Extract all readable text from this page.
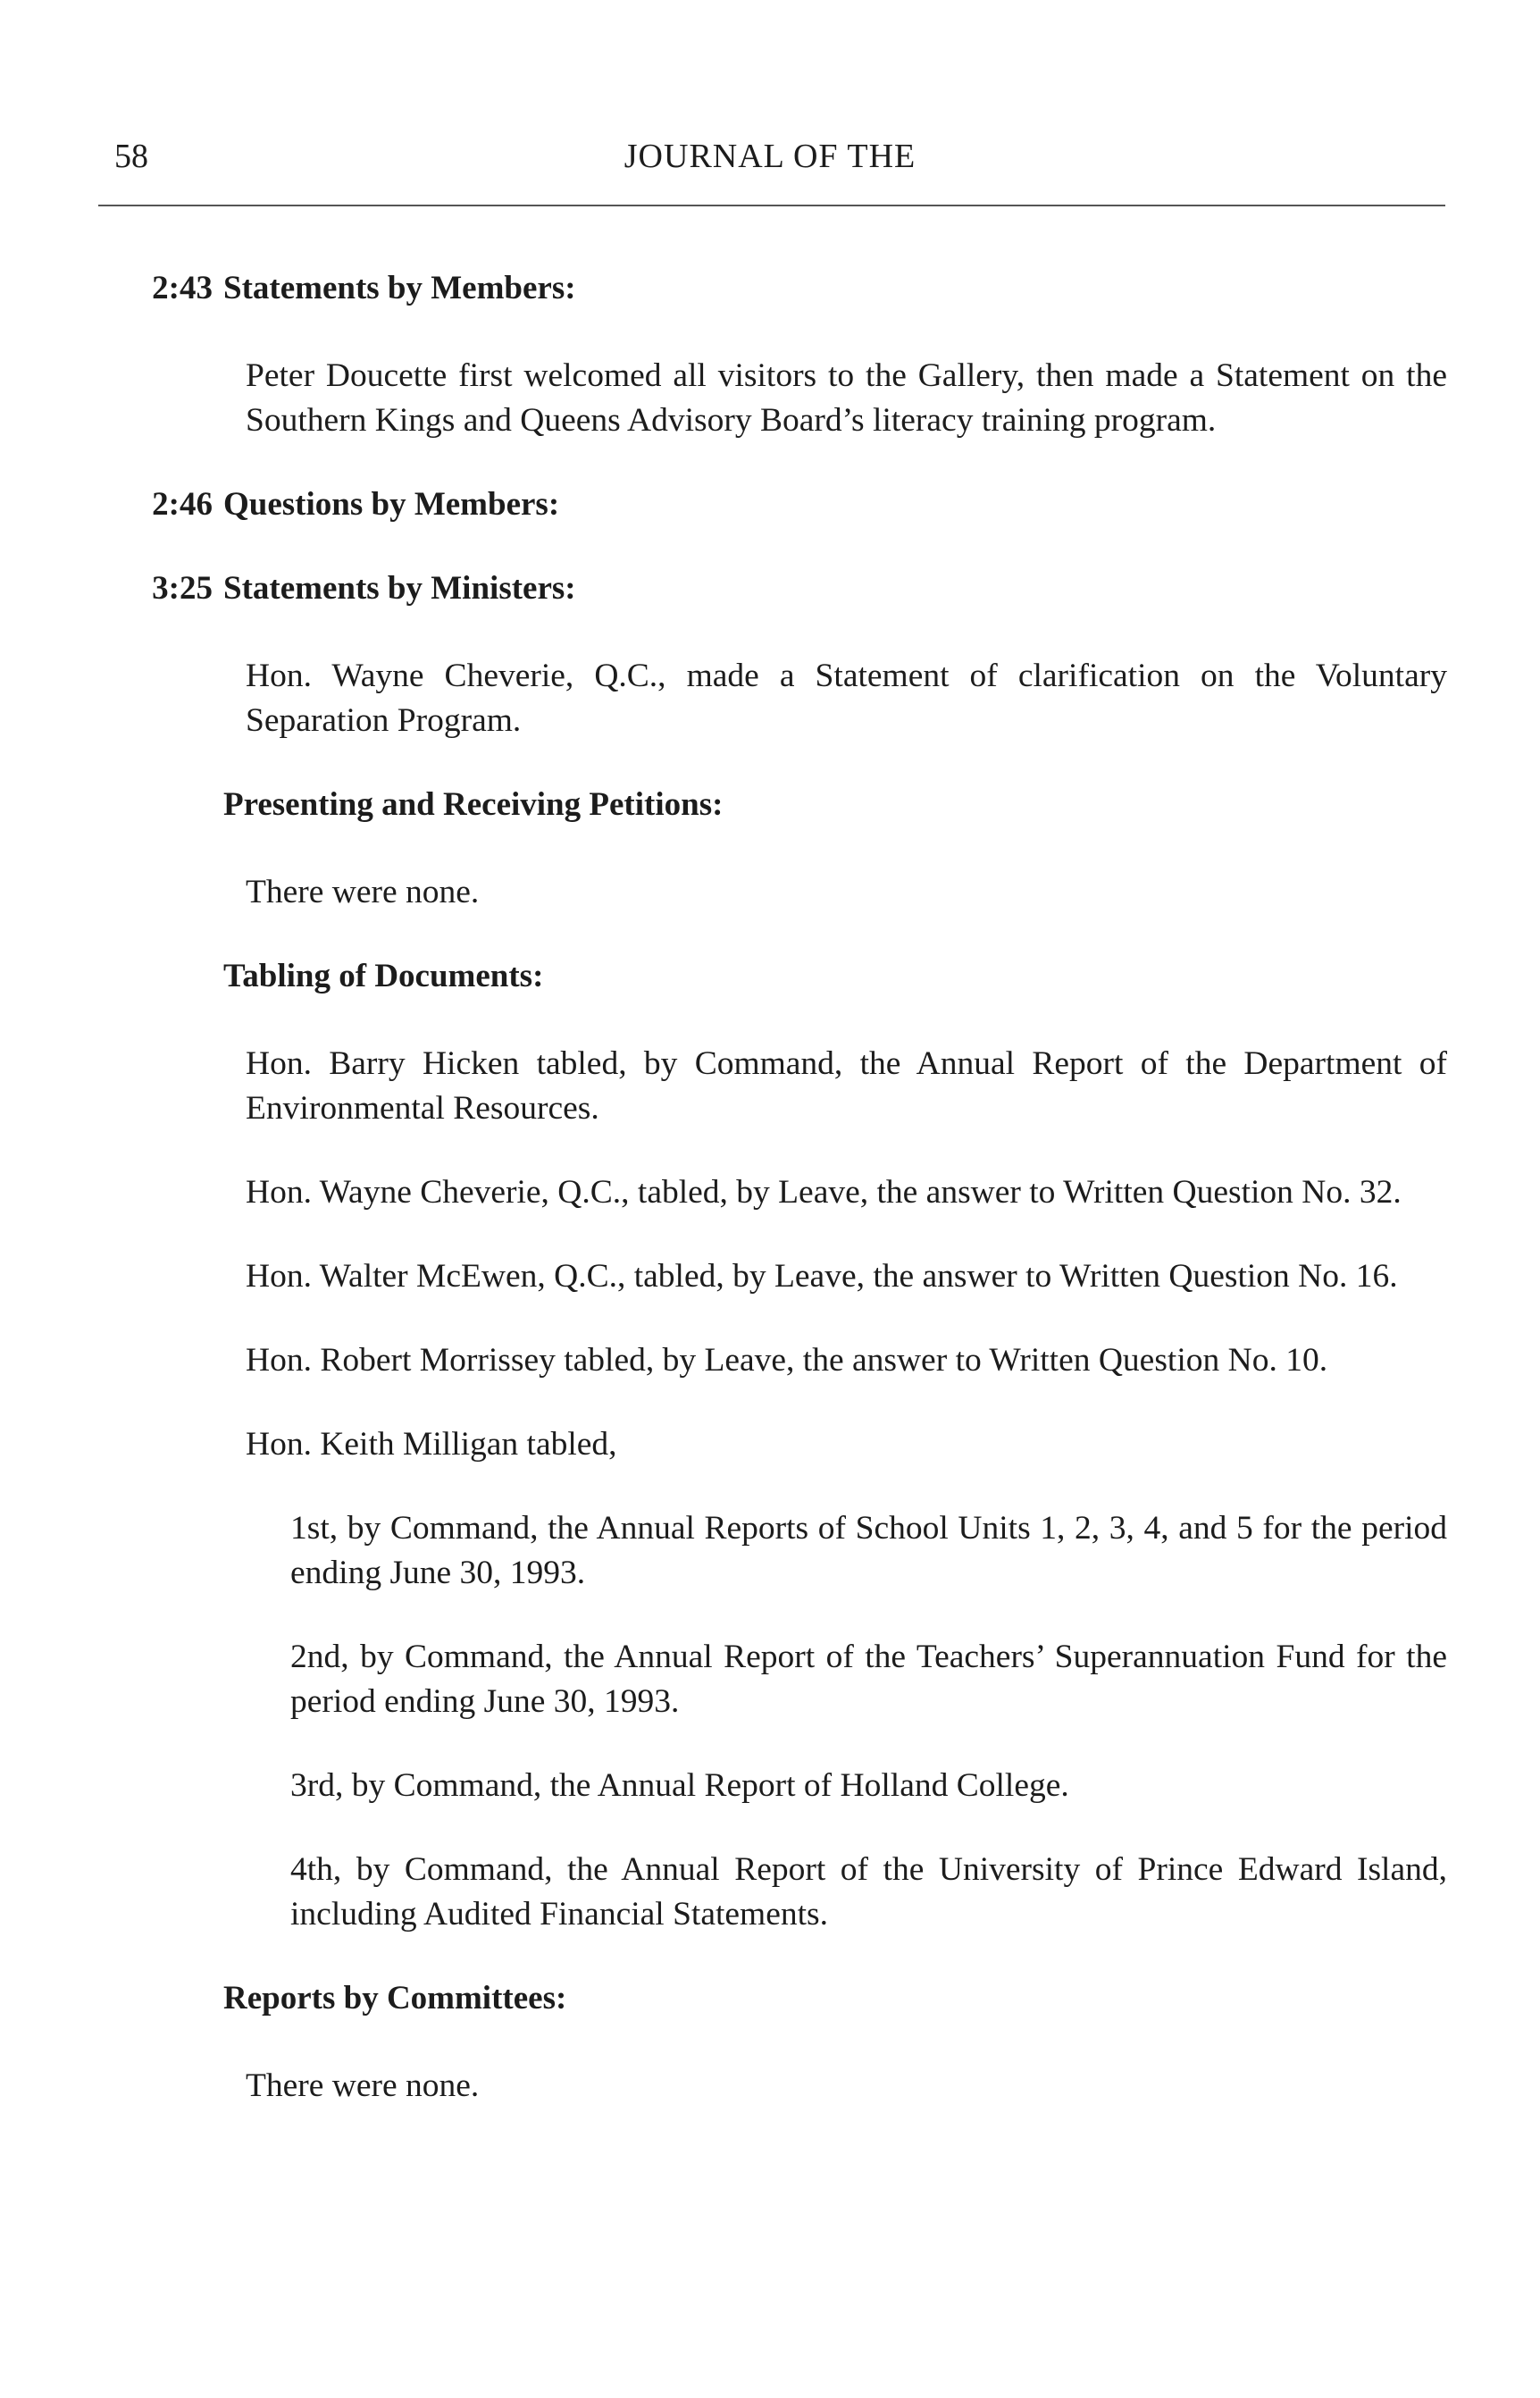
58	JOURNAL OF THE
2:43 Statements by Members:

Peter Doucette first welcomed all visitors to the Gallery, then made a Statement on the Southern Kings and Queens Advisory Board’s literacy training program.

2:46 Questions by Members:

3:25 Statements by Ministers:

Hon. Wayne Cheverie, Q.C., made a Statement of clarification on the Voluntary Separation Program.

Presenting and Receiving Petitions:

There were none.

Tabling of Documents:

Hon. Barry Hicken tabled, by Command, the Annual Report of the Department of Environmental Resources.

Hon. Wayne Cheverie, Q.C., tabled, by Leave, the answer to Written Question No. 32.

Hon. Walter McEwen, Q.C., tabled, by Leave, the answer to Written Question No. 16.

Hon. Robert Morrissey tabled, by Leave, the answer to Written Question No. 10.

Hon. Keith Milligan tabled,

1st, by Command, the Annual Reports of School Units 1, 2, 3, 4, and 5 for the period ending June 30, 1993.

2nd, by Command, the Annual Report of the Teachers’ Superannuation Fund for the period ending June 30, 1993.

3rd, by Command, the Annual Report of Holland College.

4th, by Command, the Annual Report of the University of Prince Edward Island, including Audited Financial Statements.

Reports by Committees:

There were none.
